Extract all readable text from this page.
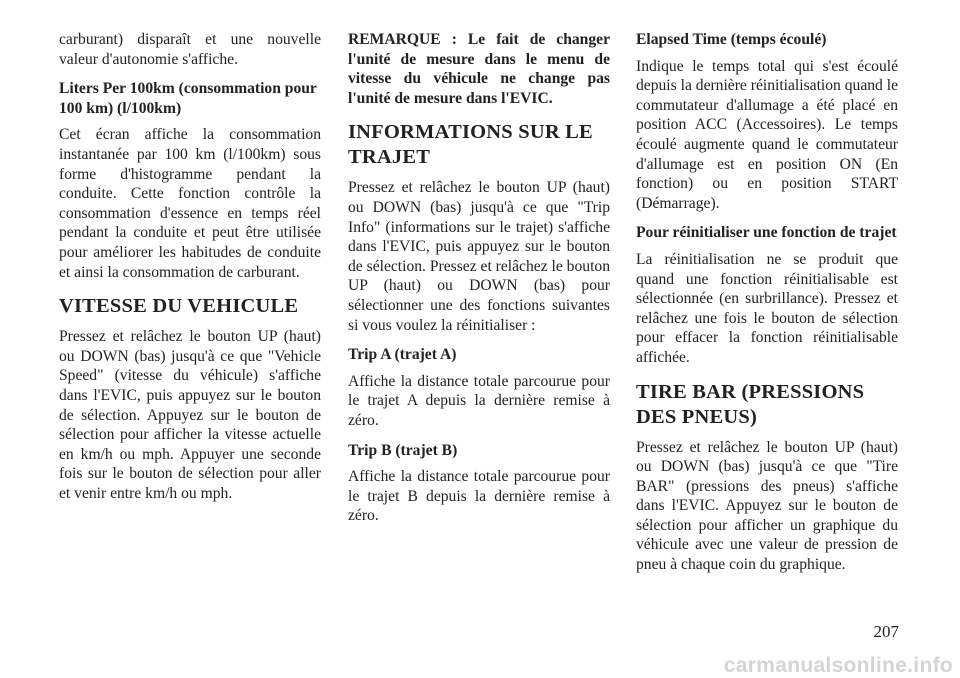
carburant) disparaît et une nouvelle valeur d'autonomie s'affiche.

Liters Per 100km (consommation pour 100 km) (l/100km)

Cet écran affiche la consommation instantanée par 100 km (l/100km) sous forme d'histogramme pendant la conduite. Cette fonction contrôle la consommation d'essence en temps réel pendant la conduite et peut être utilisée pour améliorer les habitudes de conduite et ainsi la consommation de carburant.

VITESSE DU VEHICULE

Pressez et relâchez le bouton UP (haut) ou DOWN (bas) jusqu'à ce que "Vehicle Speed" (vitesse du véhicule) s'affiche dans l'EVIC, puis appuyez sur le bouton de sélection. Appuyez sur le bouton de sélection pour afficher la vitesse actuelle en km/h ou mph. Appuyer une seconde fois sur le bouton de sélection pour aller et venir entre km/h ou mph.

REMARQUE : Le fait de changer l'unité de mesure dans le menu de vitesse du véhicule ne change pas l'unité de mesure dans l'EVIC.

INFORMATIONS SUR LE TRAJET

Pressez et relâchez le bouton UP (haut) ou DOWN (bas) jusqu'à ce que "Trip Info" (informations sur le trajet) s'affiche dans l'EVIC, puis appuyez sur le bouton de sélection. Pressez et relâchez le bouton UP (haut) ou DOWN (bas) pour sélectionner une des fonctions suivantes si vous voulez la réinitialiser :

Trip A (trajet A)

Affiche la distance totale parcourue pour le trajet A depuis la dernière remise à zéro.

Trip B (trajet B)

Affiche la distance totale parcourue pour le trajet B depuis la dernière remise à zéro.

Elapsed Time (temps écoulé)

Indique le temps total qui s'est écoulé depuis la dernière réinitialisation quand le commutateur d'allumage a été placé en position ACC (Accessoires). Le temps écoulé augmente quand le commutateur d'allumage est en position ON (En fonction) ou en position START (Démarrage).

Pour réinitialiser une fonction de trajet

La réinitialisation ne se produit que quand une fonction réinitialisable est sélectionnée (en surbrillance). Pressez et relâchez une fois le bouton de sélection pour effacer la fonction réinitialisable affichée.

TIRE BAR (PRESSIONS DES PNEUS)

Pressez et relâchez le bouton UP (haut) ou DOWN (bas) jusqu'à ce que "Tire BAR" (pressions des pneus) s'affiche dans l'EVIC. Appuyez sur le bouton de sélection pour afficher un graphique du véhicule avec une valeur de pression de pneu à chaque coin du graphique.

207
carmanualsonline.info
